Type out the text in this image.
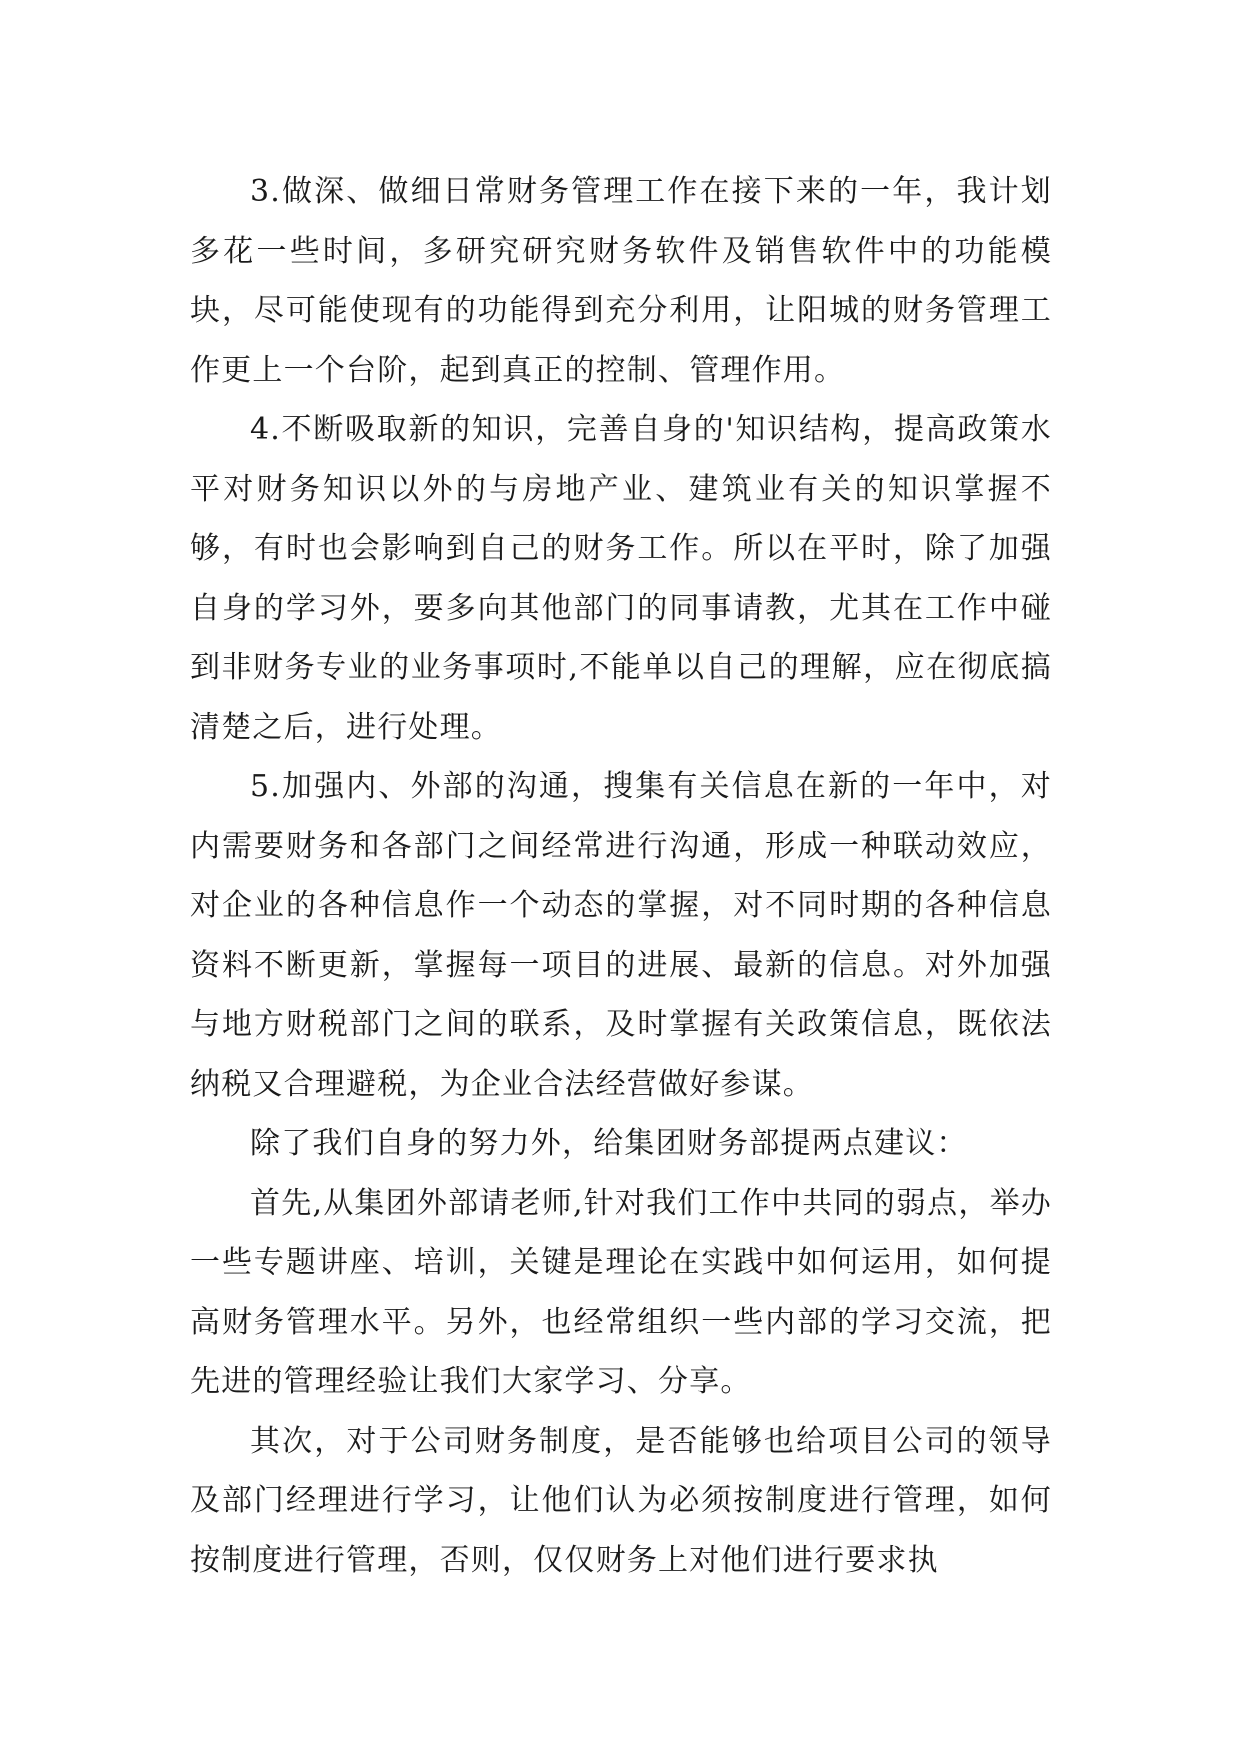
3.做深、做细日常财务管理工作在接下来的一年，我计划多花一些时间，多研究研究财务软件及销售软件中的功能模块，尽可能使现有的功能得到充分利用，让阳城的财务管理工作更上一个台阶，起到真正的控制、管理作用。

4.不断吸取新的知识，完善自身的'知识结构，提高政策水平对财务知识以外的与房地产业、建筑业有关的知识掌握不够，有时也会影响到自己的财务工作。所以在平时，除了加强自身的学习外，要多向其他部门的同事请教，尤其在工作中碰到非财务专业的业务事项时,不能单以自己的理解，应在彻底搞清楚之后，进行处理。

5.加强内、外部的沟通，搜集有关信息在新的一年中，对内需要财务和各部门之间经常进行沟通，形成一种联动效应，对企业的各种信息作一个动态的掌握，对不同时期的各种信息资料不断更新，掌握每一项目的进展、最新的信息。对外加强与地方财税部门之间的联系，及时掌握有关政策信息，既依法纳税又合理避税，为企业合法经营做好参谋。

除了我们自身的努力外，给集团财务部提两点建议：

首先,从集团外部请老师,针对我们工作中共同的弱点，举办一些专题讲座、培训，关键是理论在实践中如何运用，如何提高财务管理水平。另外，也经常组织一些内部的学习交流，把先进的管理经验让我们大家学习、分享。

其次，对于公司财务制度，是否能够也给项目公司的领导及部门经理进行学习，让他们认为必须按制度进行管理，如何按制度进行管理，否则，仅仅财务上对他们进行要求执
